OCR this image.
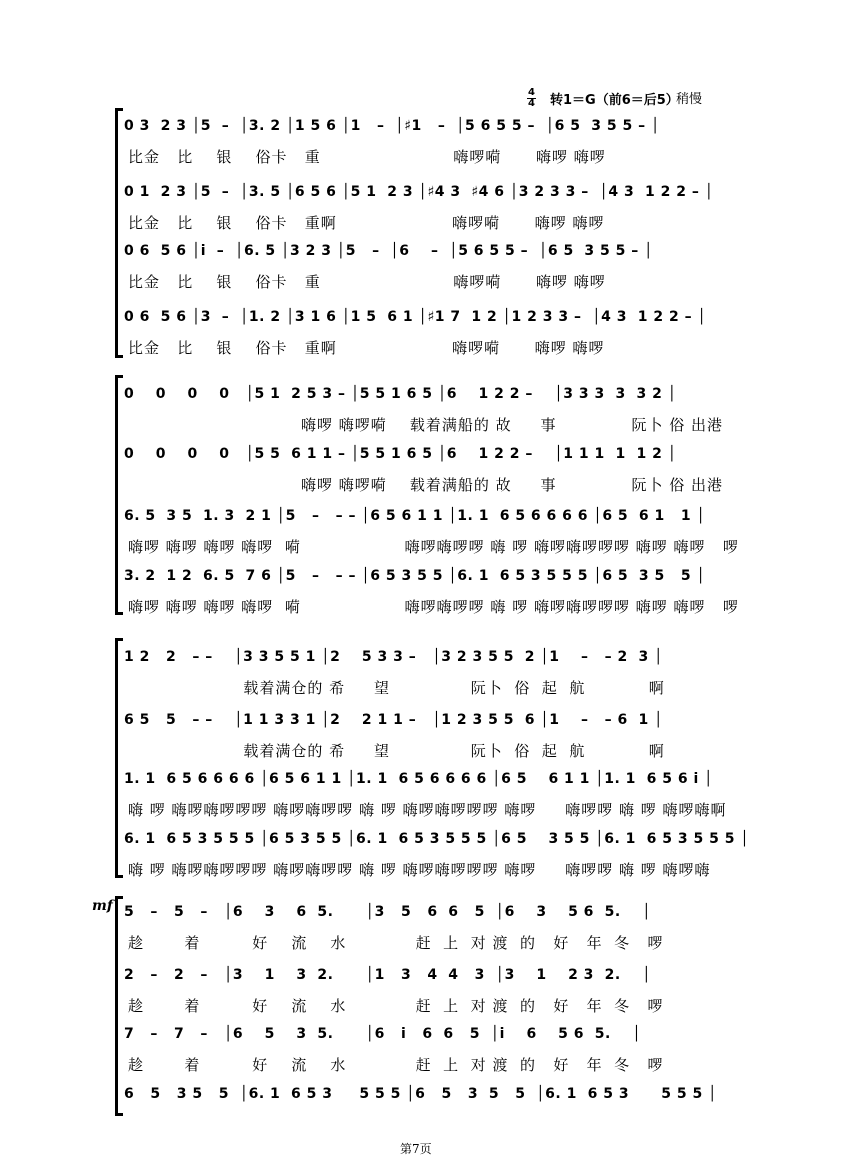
4
4 转1＝G（前6＝后5）
稍慢
0 3  2 3 │5  –  │3. 2 │1 5 6 │1   –  │♯1   –  │5 6 5 5 –  │6 5  3 5 5 – │
比金   比    银    俗卡   重                       嗨啰嗬      嗨啰 嗨啰
0 1  2 3 │5  –  │3. 5 │6 5 6 │5 1  2 3 │♯4 3  ♯4 6 │3 2 3 3 –  │4 3  1 2 2 – │
比金   比    银    俗卡   重啊                    嗨啰嗬      嗨啰 嗨啰
0 6  5 6 │i  –  │6. 5 │3 2 3 │5   –  │6    –  │5 6 5 5 –  │6 5  3 5 5 – │
比金   比    银    俗卡   重                       嗨啰嗬      嗨啰 嗨啰
0 6  5 6 │3  –  │1. 2 │3 1 6 │1 5  6 1 │♯1 7  1 2 │1 2 3 3 –  │4 3  1 2 2 – │
比金   比    银    俗卡   重啊                    嗨啰嗬      嗨啰 嗨啰
0    0    0    0   │5 1  2 5 3 – │5 5 1 6 5 │6    1 2 2 –    │3 3 3  3  3 2 │
嗨啰 嗨啰嗬    载着满船的 故     事             阮卜 俗 出港
0    0    0    0   │5 5  6 1 1 – │5 5 1 6 5 │6    1 2 2 –    │1 1 1  1  1 2 │
嗨啰 嗨啰嗬    载着满船的 故     事             阮卜 俗 出港
6. 5  3 5  1. 3  2 1 │5   –   – – │6 5 6 1 1 │1. 1  6 5 6 6 6 6 │6 5  6 1   1 │
嗨啰 嗨啰 嗨啰 嗨啰  嗬                  嗨啰嗨啰啰 嗨 啰 嗨啰嗨啰啰啰 嗨啰 嗨啰   啰
3. 2  1 2  6. 5  7 6 │5   –   – – │6 5 3 5 5 │6. 1  6 5 3 5 5 5 │6 5  3 5   5 │
嗨啰 嗨啰 嗨啰 嗨啰  嗬                  嗨啰嗨啰啰 嗨 啰 嗨啰嗨啰啰啰 嗨啰 嗨啰   啰
1 2   2   – –    │3 3 5 5 1 │2    5 3 3 –   │3 2 3 5 5  2 │1    –   – 2  3 │
载着满仓的 希     望              阮卜  俗  起  航           啊
6 5   5   – –    │1 1 3 3 1 │2    2 1 1 –   │1 2 3 5 5  6 │1    –   – 6  1 │
载着满仓的 希     望              阮卜  俗  起  航           啊
1. 1  6 5 6 6 6 6 │6 5 6 1 1 │1. 1  6 5 6 6 6 6 │6 5    6 1 1 │1. 1  6 5 6 i │
嗨 啰 嗨啰嗨啰啰啰 嗨啰嗨啰啰 嗨 啰 嗨啰嗨啰啰啰 嗨啰     嗨啰啰 嗨 啰 嗨啰嗨啊
6. 1  6 5 3 5 5 5 │6 5 3 5 5 │6. 1  6 5 3 5 5 5 │6 5    3 5 5 │6. 1  6 5 3 5 5 5 │
嗨 啰 嗨啰嗨啰啰啰 嗨啰嗨啰啰 嗨 啰 嗨啰嗨啰啰啰 嗨啰     嗨啰啰 嗨 啰 嗨啰嗨
mf 5   –   5   –   │6    3    6  5.      │3   5   6  6   5  │6    3    5 6  5.    │
趁       着         好    流    水            赶  上  对 渡  的   好   年  冬   啰
2   –   2   –   │3    1    3  2.      │1   3   4  4   3  │3    1    2 3  2.    │
趁       着         好    流    水            赶  上  对 渡  的   好   年  冬   啰
7   –   7   –   │6    5    3  5.      │6   i   6  6   5  │i    6    5 6  5.    │
趁       着         好    流    水            赶  上  对 渡  的   好   年  冬   啰
6   5   3 5   5  │6. 1  6 5 3     5 5 5 │6   5   3  5   5  │6. 1  6 5 3      5 5 5 │
第7页
